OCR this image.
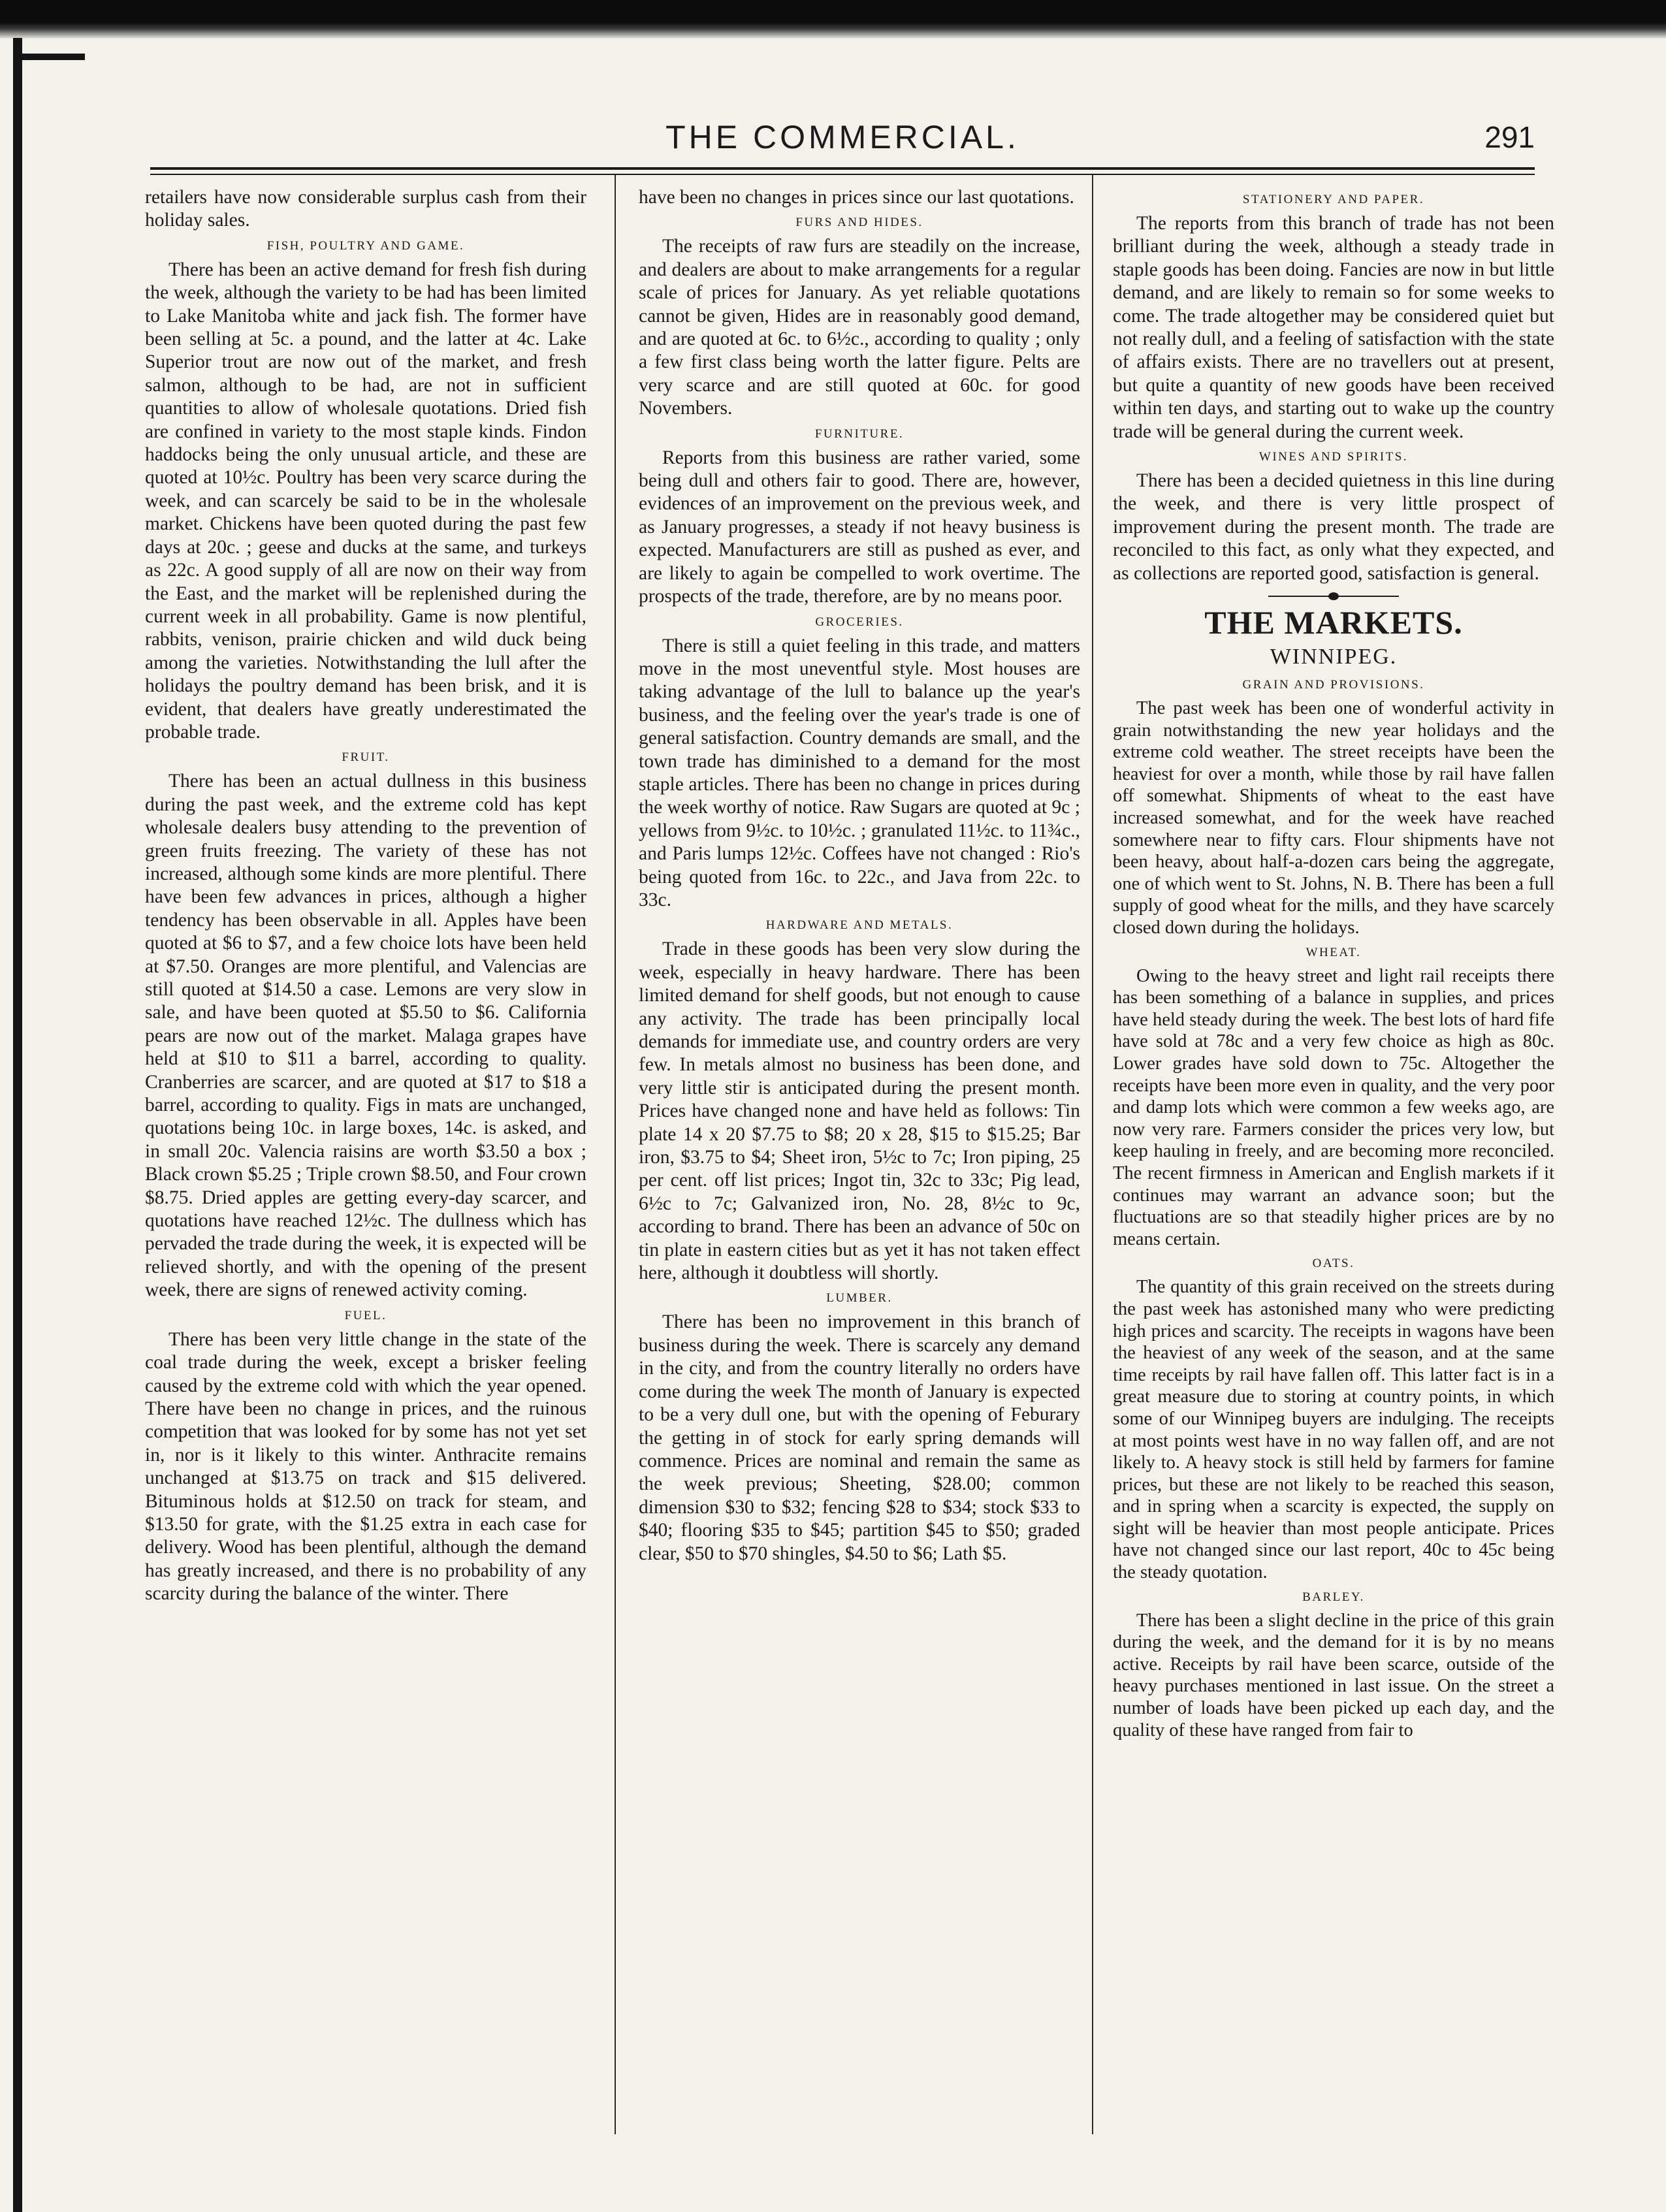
THE COMMERCIAL.	291

retailers have now considerable surplus cash from their holiday sales.

FISH, POULTRY AND GAME.

There has been an active demand for fresh fish during the week, although the variety to be had has been limited to Lake Manitoba white and jack fish. The former have been selling at 5c. a pound, and the latter at 4c. Lake Superior trout are now out of the market, and fresh salmon, although to be had, are not in sufficient quantities to allow of wholesale quotations. Dried fish are confined in variety to the most staple kinds. Findon haddocks being the only unusual article, and these are quoted at 10½c. Poultry has been very scarce during the week, and can scarcely be said to be in the wholesale market. Chickens have been quoted during the past few days at 20c. ; geese and ducks at the same, and turkeys as 22c. A good supply of all are now on their way from the East, and the market will be replenished during the current week in all probability. Game is now plentiful, rabbits, venison, prairie chicken and wild duck being among the varieties. Notwithstanding the lull after the holidays the poultry demand has been brisk, and it is evident, that dealers have greatly underestimated the probable trade.

FRUIT.

There has been an actual dullness in this business during the past week, and the extreme cold has kept wholesale dealers busy attending to the prevention of green fruits freezing. The variety of these has not increased, although some kinds are more plentiful. There have been few advances in prices, although a higher tendency has been observable in all. Apples have been quoted at $6 to $7, and a few choice lots have been held at $7.50. Oranges are more plentiful, and Valencias are still quoted at $14.50 a case. Lemons are very slow in sale, and have been quoted at $5.50 to $6. California pears are now out of the market. Malaga grapes have held at $10 to $11 a barrel, according to quality. Cranberries are scarcer, and are quoted at $17 to $18 a barrel, according to quality. Figs in mats are unchanged, quotations being 10c. in large boxes, 14c. is asked, and in small 20c. Valencia raisins are worth $3.50 a box ; Black crown $5.25 ; Triple crown $8.50, and Four crown $8.75. Dried apples are getting every-day scarcer, and quotations have reached 12½c. The dullness which has pervaded the trade during the week, it is expected will be relieved shortly, and with the opening of the present week, there are signs of renewed activity coming.

FUEL.

There has been very little change in the state of the coal trade during the week, except a brisker feeling caused by the extreme cold with which the year opened. There have been no change in prices, and the ruinous competition that was looked for by some has not yet set in, nor is it likely to this winter. Anthracite remains unchanged at $13.75 on track and $15 delivered. Bituminous holds at $12.50 on track for steam, and $13.50 for grate, with the $1.25 extra in each case for delivery. Wood has been plentiful, although the demand has greatly increased, and there is no probability of any scarcity during the balance of the winter. There

have been no changes in prices since our last quotations.

FURS AND HIDES.

The receipts of raw furs are steadily on the increase, and dealers are about to make arrangements for a regular scale of prices for January. As yet reliable quotations cannot be given, Hides are in reasonably good demand, and are quoted at 6c. to 6½c., according to quality ; only a few first class being worth the latter figure. Pelts are very scarce and are still quoted at 60c. for good Novembers.

FURNITURE.

Reports from this business are rather varied, some being dull and others fair to good. There are, however, evidences of an improvement on the previous week, and as January progresses, a steady if not heavy business is expected. Manufacturers are still as pushed as ever, and are likely to again be compelled to work overtime. The prospects of the trade, therefore, are by no means poor.

GROCERIES.

There is still a quiet feeling in this trade, and matters move in the most uneventful style. Most houses are taking advantage of the lull to balance up the year's business, and the feeling over the year's trade is one of general satisfaction. Country demands are small, and the town trade has diminished to a demand for the most staple articles. There has been no change in prices during the week worthy of notice. Raw Sugars are quoted at 9c ; yellows from 9½c. to 10½c. ; granulated 11½c. to 11¾c., and Paris lumps 12½c. Coffees have not changed : Rio's being quoted from 16c. to 22c., and Java from 22c. to 33c.

HARDWARE AND METALS.

Trade in these goods has been very slow during the week, especially in heavy hardware. There has been limited demand for shelf goods, but not enough to cause any activity. The trade has been principally local demands for immediate use, and country orders are very few. In metals almost no business has been done, and very little stir is anticipated during the present month. Prices have changed none and have held as follows: Tin plate 14 x 20 $7.75 to $8; 20 x 28, $15 to $15.25; Bar iron, $3.75 to $4; Sheet iron, 5½c to 7c; Iron piping, 25 per cent. off list prices; Ingot tin, 32c to 33c; Pig lead, 6½c to 7c; Galvanized iron, No. 28, 8½c to 9c, according to brand. There has been an advance of 50c on tin plate in eastern cities but as yet it has not taken effect here, although it doubtless will shortly.

LUMBER.

There has been no improvement in this branch of business during the week. There is scarcely any demand in the city, and from the country literally no orders have come during the week The month of January is expected to be a very dull one, but with the opening of Feburary the getting in of stock for early spring demands will commence. Prices are nominal and remain the same as the week previous; Sheeting, $28.00; common dimension $30 to $32; fencing $28 to $34; stock $33 to $40; flooring $35 to $45; partition $45 to $50; graded clear, $50 to $70 shingles, $4.50 to $6; Lath $5.

STATIONERY AND PAPER.

The reports from this branch of trade has not been brilliant during the week, although a steady trade in staple goods has been doing. Fancies are now in but little demand, and are likely to remain so for some weeks to come. The trade altogether may be considered quiet but not really dull, and a feeling of satisfaction with the state of affairs exists. There are no travellers out at present, but quite a quantity of new goods have been received within ten days, and starting out to wake up the country trade will be general during the current week.

WINES AND SPIRITS.

There has been a decided quietness in this line during the week, and there is very little prospect of improvement during the present month. The trade are reconciled to this fact, as only what they expected, and as collections are reported good, satisfaction is general.

THE MARKETS.
WINNIPEG.
GRAIN AND PROVISIONS.

The past week has been one of wonderful activity in grain notwithstanding the new year holidays and the extreme cold weather. The street receipts have been the heaviest for over a month, while those by rail have fallen off somewhat. Shipments of wheat to the east have increased somewhat, and for the week have reached somewhere near to fifty cars. Flour shipments have not been heavy, about half-a-dozen cars being the aggregate, one of which went to St. Johns, N. B. There has been a full supply of good wheat for the mills, and they have scarcely closed down during the holidays.

WHEAT.

Owing to the heavy street and light rail receipts there has been something of a balance in supplies, and prices have held steady during the week. The best lots of hard fife have sold at 78c and a very few choice as high as 80c. Lower grades have sold down to 75c. Altogether the receipts have been more even in quality, and the very poor and damp lots which were common a few weeks ago, are now very rare. Farmers consider the prices very low, but keep hauling in freely, and are becoming more reconciled. The recent firmness in American and English markets if it continues may warrant an advance soon; but the fluctuations are so that steadily higher prices are by no means certain.

OATS.

The quantity of this grain received on the streets during the past week has astonished many who were predicting high prices and scarcity. The receipts in wagons have been the heaviest of any week of the season, and at the same time receipts by rail have fallen off. This latter fact is in a great measure due to storing at country points, in which some of our Winnipeg buyers are indulging. The receipts at most points west have in no way fallen off, and are not likely to. A heavy stock is still held by farmers for famine prices, but these are not likely to be reached this season, and in spring when a scarcity is expected, the supply on sight will be heavier than most people anticipate. Prices have not changed since our last report, 40c to 45c being the steady quotation.

BARLEY.

There has been a slight decline in the price of this grain during the week, and the demand for it is by no means active. Receipts by rail have been scarce, outside of the heavy purchases mentioned in last issue. On the street a number of loads have been picked up each day, and the quality of these have ranged from fair to
